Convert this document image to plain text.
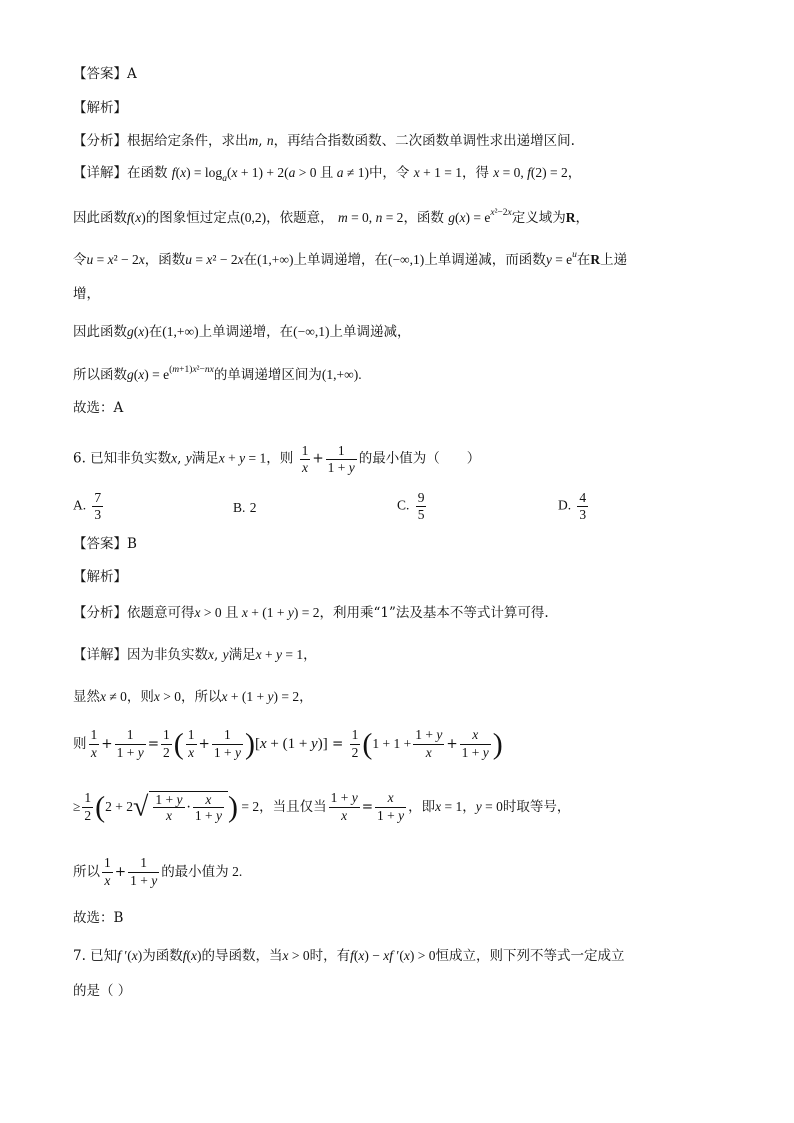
【答案】A
【解析】
【分析】根据给定条件，求出m, n，再结合指数函数、二次函数单调性求出递增区间.
【详解】在函数 $f(x) = \log_a(x + 1) + 2(a > 0$ 且 a ≠ 1)中，令 x + 1 = 1，得 x = 0, f(2) = 2，
因此函数f(x)的图象恒过定点(0,2)，依题意， m = 0, n = 2，函数 $g(x) = e^{x^2-2x}$定义域为R，
令u = x² − 2x，函数u = x² − 2x在(1,+∞)上单调递增，在(−∞,1)上单调递减，而函数$y = e^u$在R上递
增，
因此函数g(x)在(1,+∞)上单调递增，在(−∞,1)上单调递减，
所以函数$g(x) = e^{(m+1)x^2-nx}$的单调递增区间为(1,+∞).
故选：A
6. 已知非负实数x, y满足x + y = 1，则 $\frac{1}{x} + \frac{1}{1 + y}$ 的最小值为（　　）
A. $\frac{7}{3}$	B. 2	C. $\frac{9}{5}$	D. $\frac{4}{3}$
【答案】B
【解析】
【分析】依题意可得x > 0 且 x + (1 + y) = 2，利用乘“1”法及基本不等式计算可得.
【详解】因为非负实数x, y满足x + y = 1，
显然x ≠ 0，则x > 0，所以x + (1 + y) = 2，
则 $\frac{1}{x} + \frac{1}{1 + y} = \frac{1}{2}$ ( $\frac{1}{x} + \frac{1}{1 + y} )[x + (1 + y)] = \frac{1}{2} (1 + 1 + \frac{1 + y}{x} + \frac{x}{1 + y}$ )
≥ $\frac{1}{2} (2 + 2√ \frac{1 + y}{x} \cdot \frac{x}{1 + y}$ ) = 2，当且仅当 $\frac{1 + y}{x} = \frac{x}{1 + y}$ ，即x = 1，y = 0时取等号，
所以 $\frac{1}{x} + \frac{1}{1 + y}$ 的最小值为 2.
故选：B
7. 已知f ′(x)为函数f(x)的导函数，当x > 0时，有f(x) − xf ′(x) > 0恒成立，则下列不等式一定成立
的是（ ）
